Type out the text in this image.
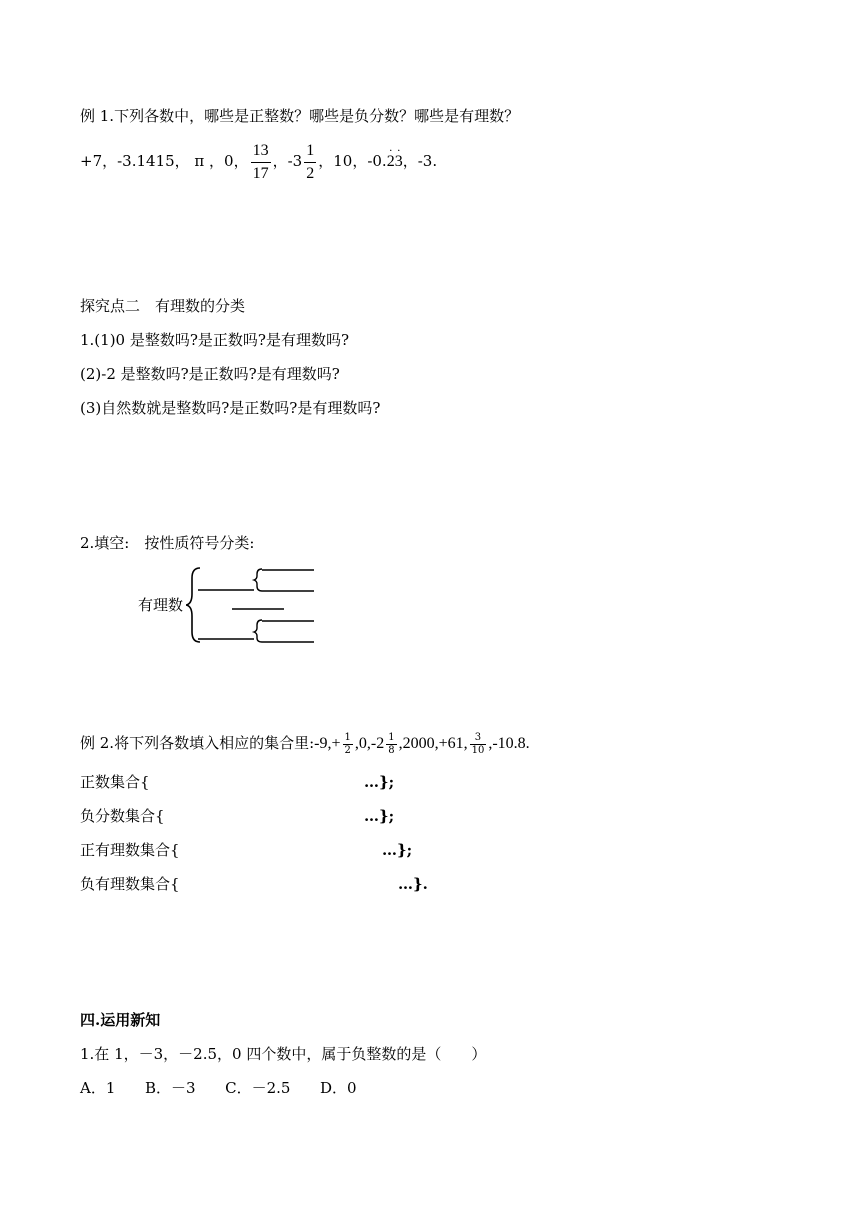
例 1.下列各数中，哪些是正整数？哪些是负分数？哪些是有理数？
+7，-3.1415， π ，0， $\frac{13}{17}$ ，$-3 \frac{1}{2}$ ，10，-0.· 2· 3，-3.
探究点二　有理数的分类
1.(1)0 是整数吗?是正数吗?是有理数吗?
(2)-2 是整数吗?是正数吗?是有理数吗?
(3)自然数就是整数吗?是正数吗?是有理数吗?
2.填空:　按性质符号分类:
有理数
例 2.将下列各数填入相应的集合里:-9,+ $\frac{1}{2} ,0,-2 \frac{1}{8} ,2000,+61$, $\frac{3}{10} ,-10.8$.
正数集合{	…};
负分数集合{	…};
正有理数集合{	…};
负有理数集合{	…}.
四.运用新知
1.在 1，－3，－2.5，0 四个数中，属于负整数的是（　　）
A．1 B．－3 C．－2.5 D．0
